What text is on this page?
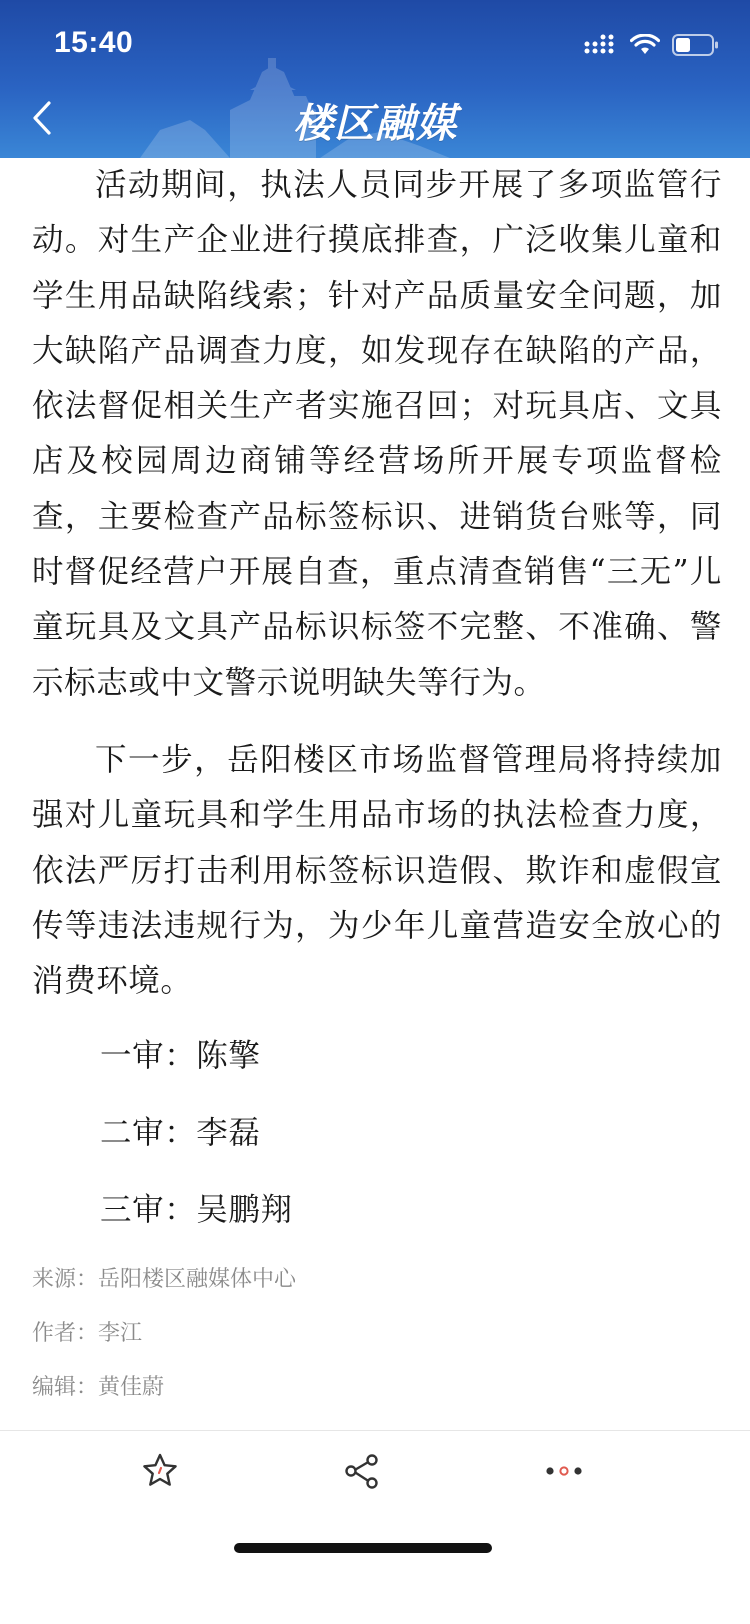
15:40
楼区融媒

活动期间，执法人员同步开展了多项监管行动。对生产企业进行摸底排查，广泛收集儿童和学生用品缺陷线索；针对产品质量安全问题，加大缺陷产品调查力度，如发现存在缺陷的产品，依法督促相关生产者实施召回；对玩具店、文具店及校园周边商铺等经营场所开展专项监督检查，主要检查产品标签标识、进销货台账等，同时督促经营户开展自查，重点清查销售“三无”儿童玩具及文具产品标识标签不完整、不准确、警示标志或中文警示说明缺失等行为。

下一步，岳阳楼区市场监督管理局将持续加强对儿童玩具和学生用品市场的执法检查力度，依法严厉打击利用标签标识造假、欺诈和虚假宣传等违法违规行为，为少年儿童营造安全放心的消费环境。

一审：陈擎

二审：李磊

三审：吴鹏翔

来源：岳阳楼区融媒体中心

作者：李江

编辑：黄佳蔚
